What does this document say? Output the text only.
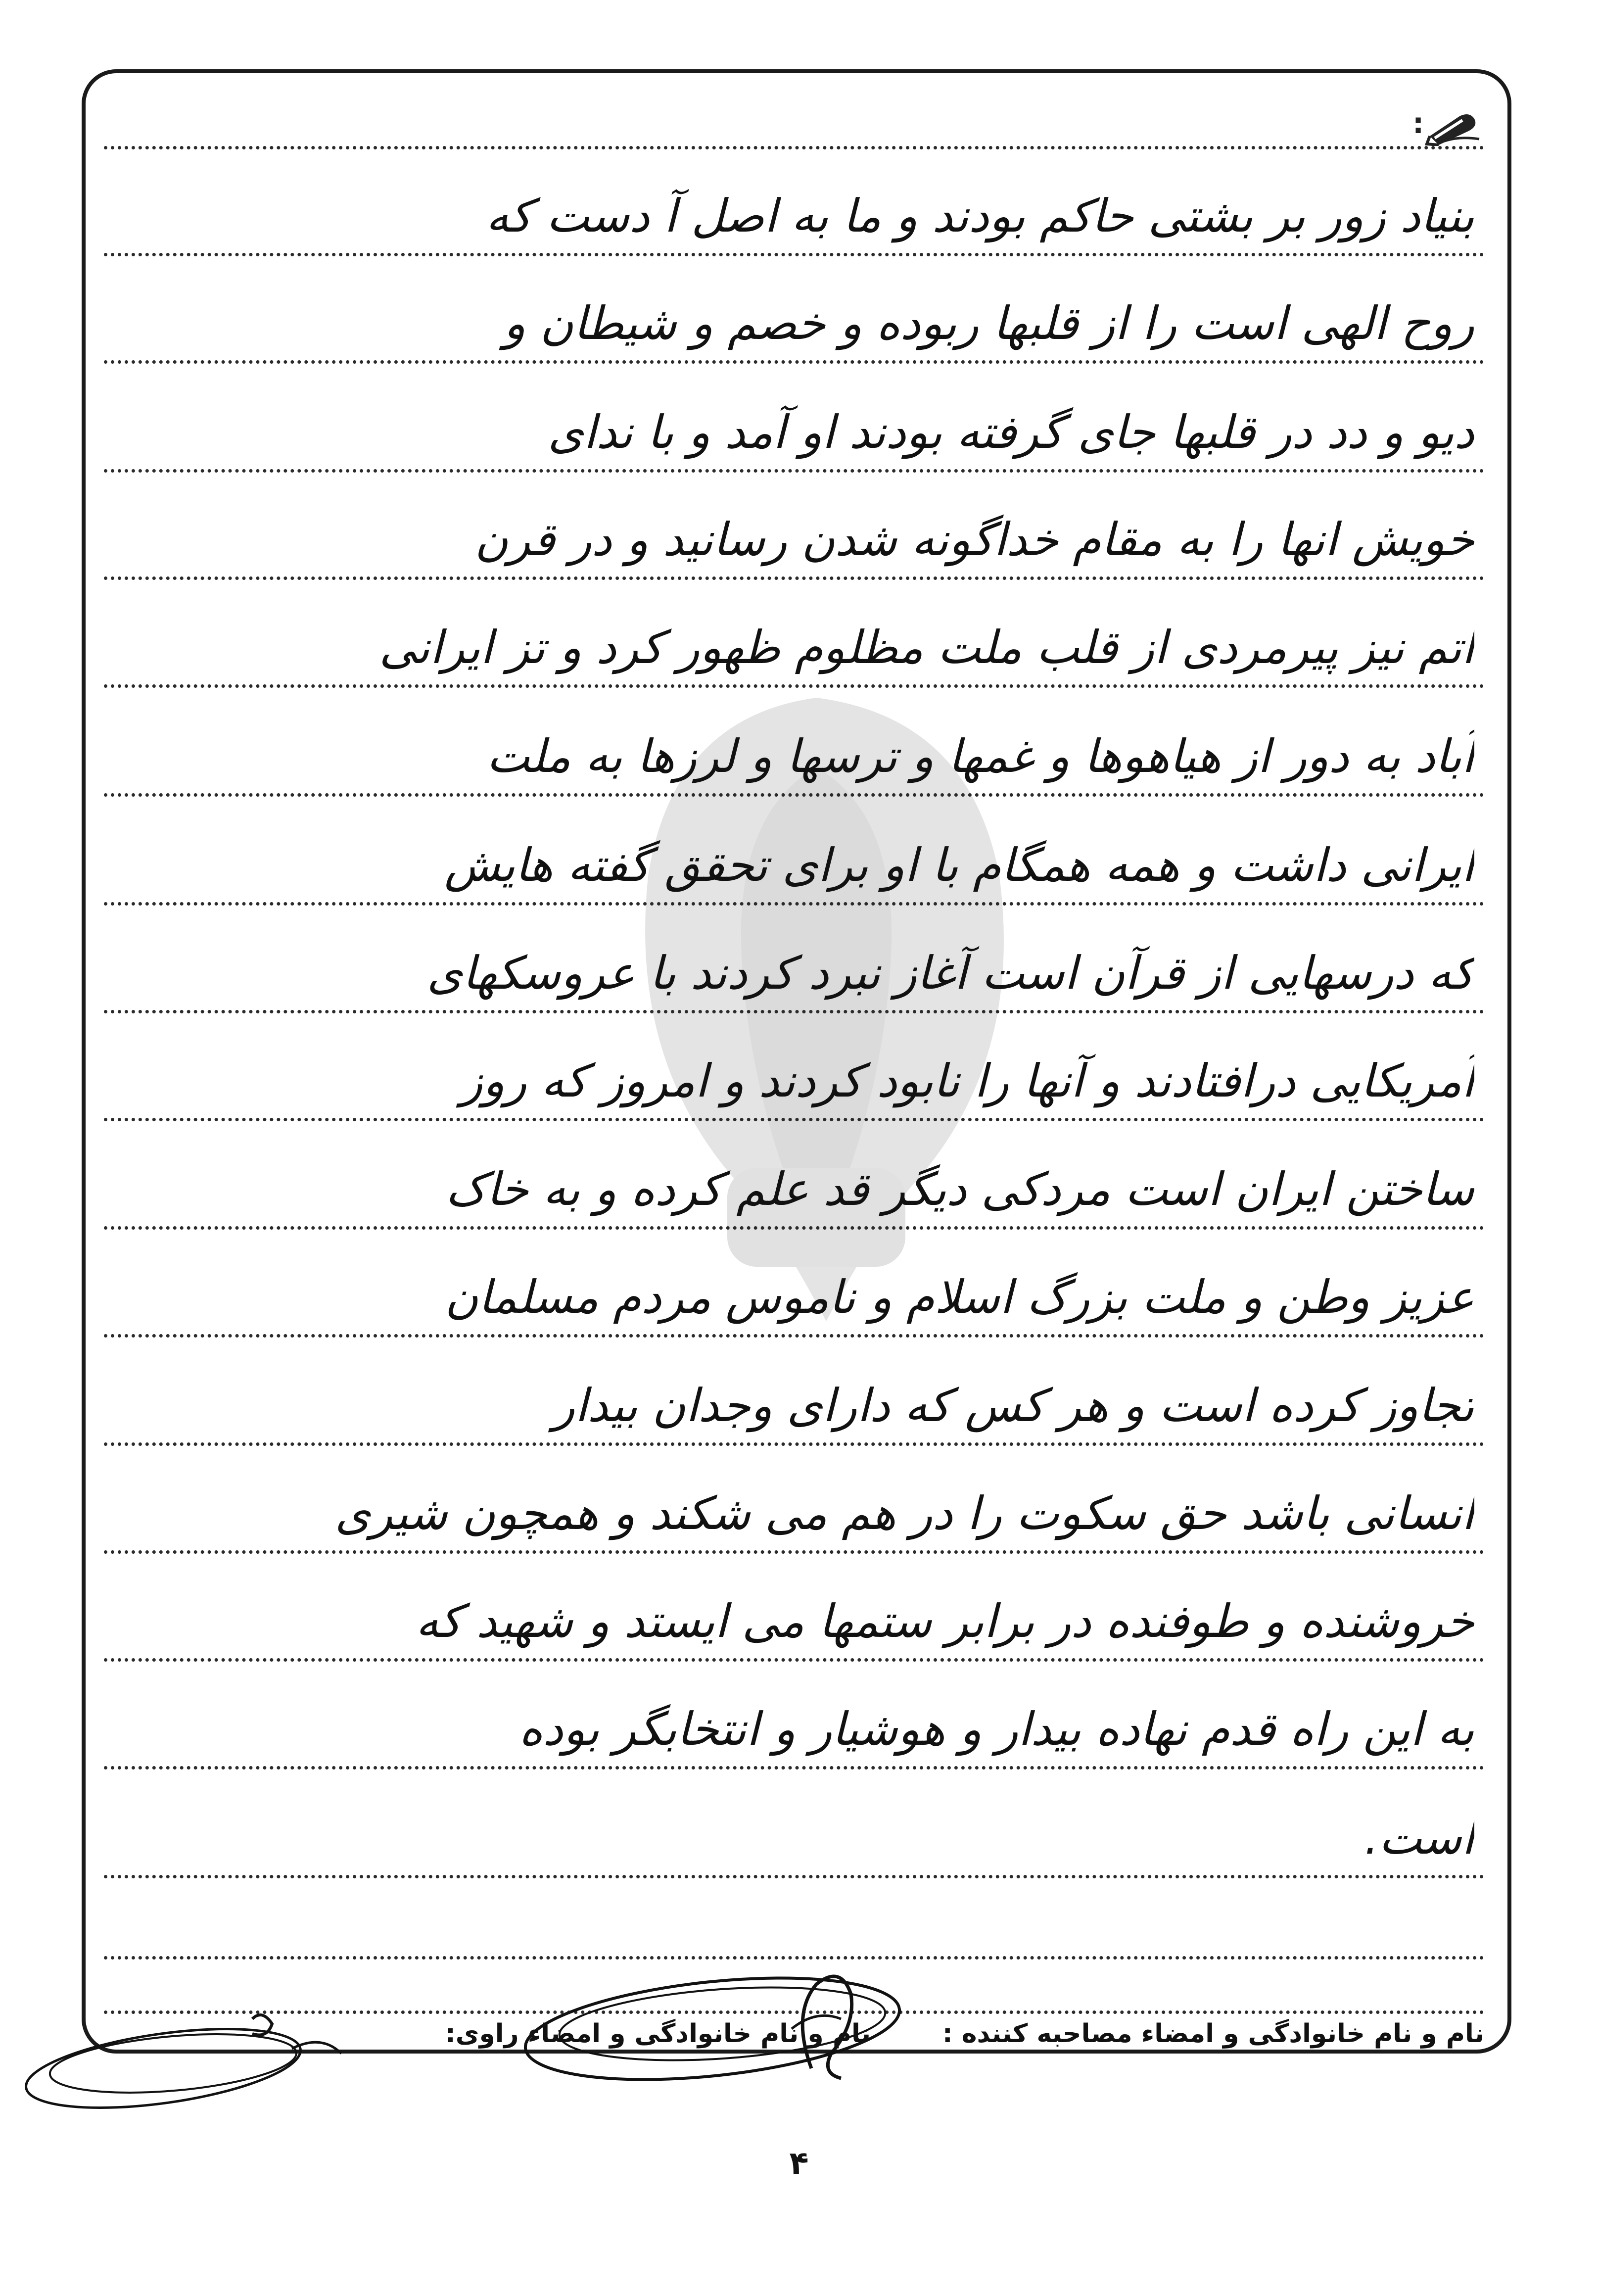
:
بنیاد زور بر بشتی حاکم بودند و ما به اصل آ دست که
روح الهی است را از قلبها ربوده و خصم و شیطان و
دیو و دد در قلبها جای گرفته بودند او آمد و با ندای
خویش انها را به مقام خداگونه شدن رسانید و در قرن
اتم نیز پیرمردی از قلب ملت مظلوم ظهور کرد و تز ایرانی
آباد به دور از هیاهوها و غمها و ترسها و لرزها به ملت
ایرانی داشت و همه همگام با او برای تحقق گفته هایش
که درسهایی از قرآن است آغاز نبرد کردند با عروسکهای
آمریکایی درافتادند و آنها را نابود کردند و امروز که روز
ساختن ایران است مردکی دیگر قد علم کرده و به خاک
عزیز وطن و ملت بزرگ اسلام و ناموس مردم مسلمان
تجاوز کرده است و هر کس که دارای وجدان بیدار
انسانی باشد حق سکوت را در هم می شکند و همچون شیری
خروشنده و طوفنده در برابر ستمها می ایستد و شهید که
به این راه قدم نهاده بیدار و هوشیار و انتخابگر بوده
است.
نام و نام خانوادگی و امضاء مصاحبه کننده :
نام و نام خانوادگی و امضاء راوی:
۴
